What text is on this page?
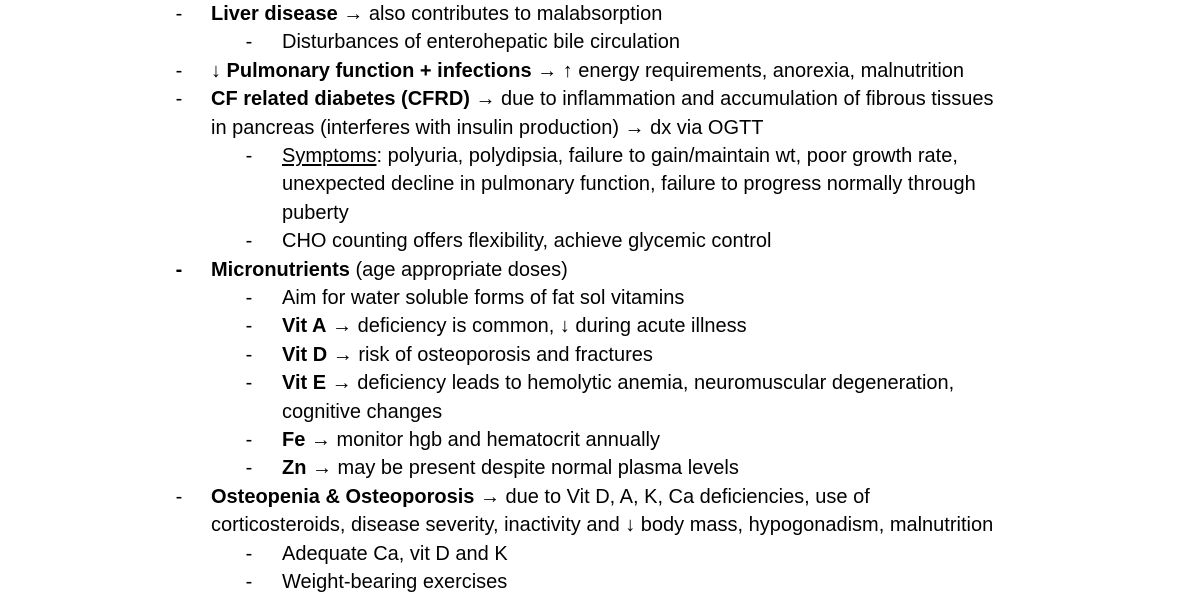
- Liver disease → also contributes to malabsorption
- Disturbances of enterohepatic bile circulation
- ↓ Pulmonary function + infections → ↑ energy requirements, anorexia, malnutrition
- CF related diabetes (CFRD) → due to inflammation and accumulation of fibrous tissues
in pancreas (interferes with insulin production) → dx via OGTT
- Symptoms: polyuria, polydipsia, failure to gain/maintain wt, poor growth rate,
unexpected decline in pulmonary function, failure to progress normally through
puberty
- CHO counting offers flexibility, achieve glycemic control
- Micronutrients (age appropriate doses)
- Aim for water soluble forms of fat sol vitamins
- Vit A → deficiency is common, ↓ during acute illness
- Vit D → risk of osteoporosis and fractures
- Vit E → deficiency leads to hemolytic anemia, neuromuscular degeneration,
cognitive changes
- Fe → monitor hgb and hematocrit annually
- Zn → may be present despite normal plasma levels
- Osteopenia & Osteoporosis → due to Vit D, A, K, Ca deficiencies, use of
corticosteroids, disease severity, inactivity and ↓ body mass, hypogonadism, malnutrition
- Adequate Ca, vit D and K
- Weight-bearing exercises
